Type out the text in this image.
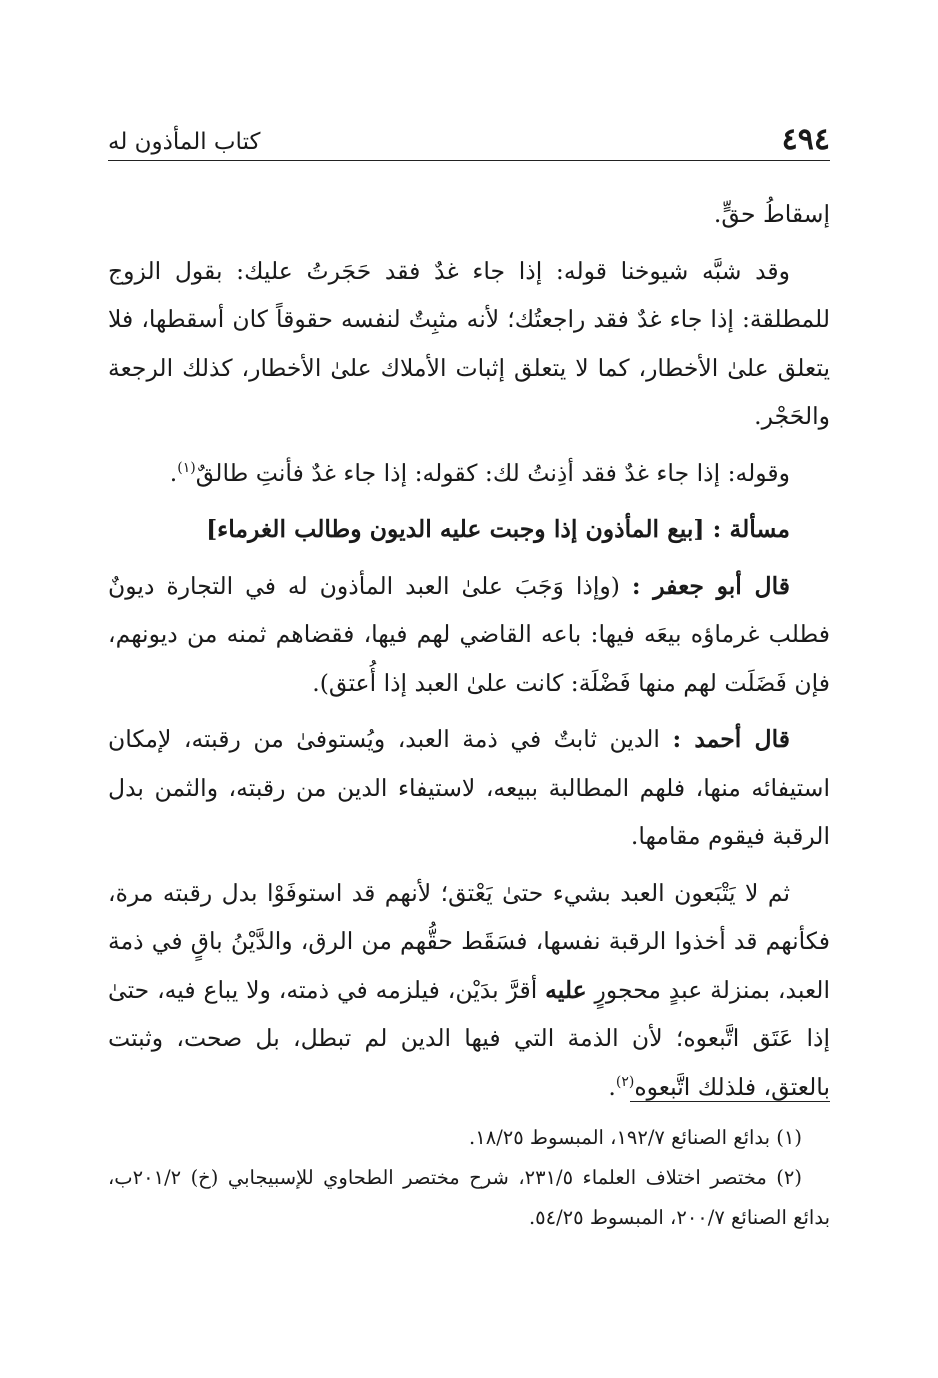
٤٩٤
كتاب المأذون له

إسقاطُ حقٍّ.

وقد شبَّه شيوخنا قوله: إذا جاء غدٌ فقد حَجَرتُ عليك: بقول الزوج للمطلقة: إذا جاء غدٌ فقد راجعتُك؛ لأنه مثبِتٌ لنفسه حقوقاً كان أسقطها، فلا يتعلق علىٰ الأخطار، كما لا يتعلق إثبات الأملاك علىٰ الأخطار، كذلك الرجعة والحَجْر.

وقوله: إذا جاء غدٌ فقد أذِنتُ لك: كقوله: إذا جاء غدٌ فأنتِ طالقٌ$^{(١)}$.

مسألة : [بيع المأذون إذا وجبت عليه الديون وطالب الغرماء]

قال أبو جعفر : (وإذا وَجَبَ علىٰ العبد المأذون له في التجارة ديونٌ فطلب غرماؤه بيعَه فيها: باعه القاضي لهم فيها، فقضاهم ثمنه من ديونهم، فإن فَضَلَت لهم منها فَضْلَة: كانت علىٰ العبد إذا أُعتق).

قال أحمد : الدين ثابتٌ في ذمة العبد، ويُستوفىٰ من رقبته، لإمكان استيفائه منها، فلهم المطالبة ببيعه، لاستيفاء الدين من رقبته، والثمن بدل الرقبة فيقوم مقامها.

ثم لا يَتْبَعون العبد بشيء حتىٰ يَعْتق؛ لأنهم قد استوفَوْا بدل رقبته مرة، فكأنهم قد أخذوا الرقبة نفسها، فسَقَط حقُّهم من الرق، والدَّيْنُ باقٍ في ذمة العبد، بمنزلة عبدٍ محجورٍ عليه أقرَّ بدَيْن، فيلزمه في ذمته، ولا يباع فيه، حتىٰ إذا عَتَق اتَّبعوه؛ لأن الذمة التي فيها الدين لم تبطل، بل صحت، وثبتت بالعتق، فلذلك اتَّبعوه$^{(٢)}$.

(١) بدائع الصنائع ١٩٢/٧، المبسوط ١٨/٢٥.

(٢) مختصر اختلاف العلماء ٢٣١/٥، شرح مختصر الطحاوي للإسبيجابي (خ) ٢٠١/٢ب، بدائع الصنائع ٢٠٠/٧، المبسوط ٥٤/٢٥.
